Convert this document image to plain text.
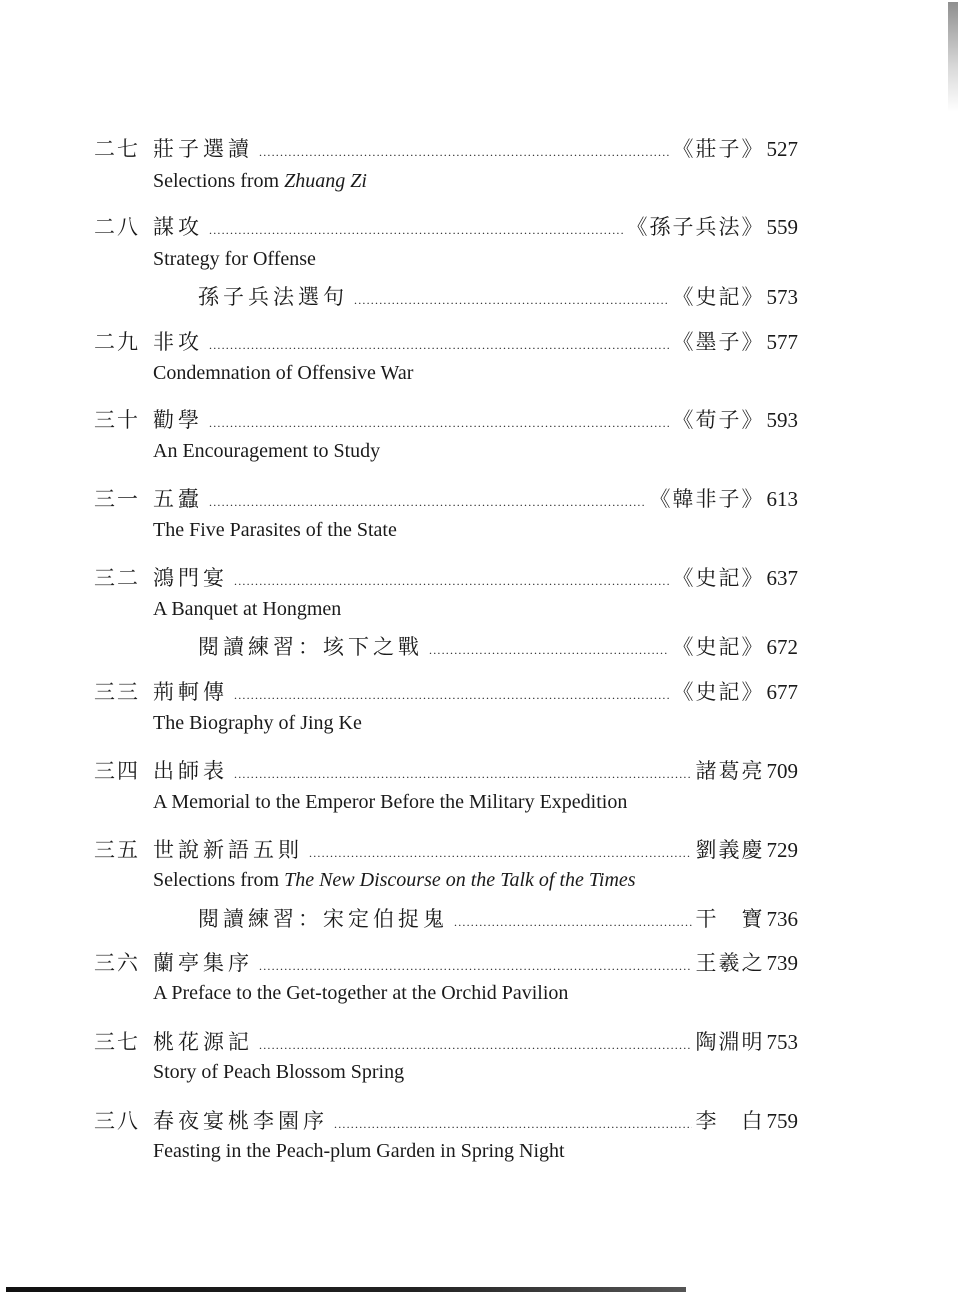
二七 莊子選讀 .....	《莊子》 527
Selections from Zhuang Zi
二八 謀攻 .....	《孫子兵法》 559
Strategy for Offense
孫子兵法選句 .....	《史記》 573
二九 非攻 .....	《墨子》 577
Condemnation of Offensive War
三十 勸學 .....	《荀子》 593
An Encouragement to Study
三一 五蠹 .....	《韓非子》 613
The Five Parasites of the State
三二 鴻門宴 .....	《史記》 637
A Banquet at Hongmen
閱讀練習：垓下之戰 .....	《史記》 672
三三 荊軻傳 .....	《史記》 677
The Biography of Jing Ke
三四 出師表 .....	諸葛亮 709
A Memorial to the Emperor Before the Military Expedition
三五 世說新語五則 .....	劉義慶 729
Selections from The New Discourse on the Talk of the Times
閱讀練習：宋定伯捉鬼 .....	干　寶 736
三六 蘭亭集序 .....	王羲之 739
A Preface to the Get-together at the Orchid Pavilion
三七 桃花源記 .....	陶淵明 753
Story of Peach Blossom Spring
三八 春夜宴桃李園序 .....	李　白 759
Feasting in the Peach-plum Garden in Spring Night
